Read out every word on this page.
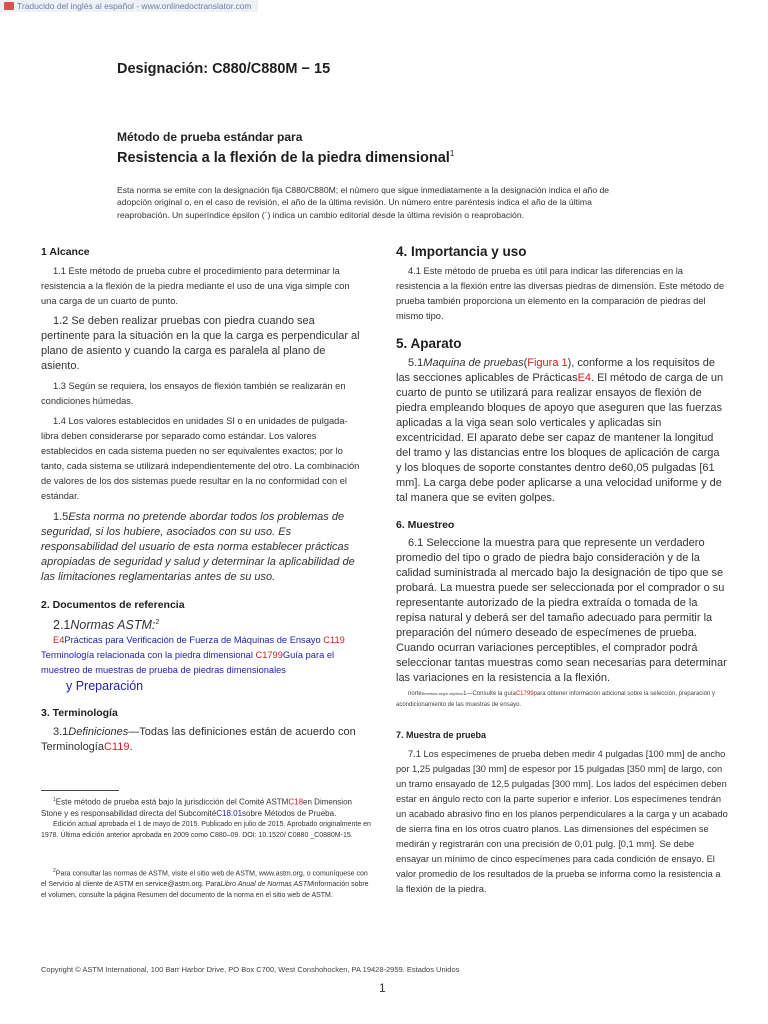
Traducido del inglés al español - www.onlinedoctranslator.com
Designación: C880/C880M − 15
Método de prueba estándar para
Resistencia a la flexión de la piedra dimensional$^1$
Esta norma se emite con la designación fija C880/C880M; el número que sigue inmediatamente a la designación indica el año de adopción original o, en el caso de revisión, el año de la última revisión. Un número entre paréntesis indica el año de la última reaprobación. Un superíndice épsilon (´) indica un cambio editorial desde la última revisión o reaprobación.
1 Alcance

1.1 Este método de prueba cubre el procedimiento para determinar la resistencia a la flexión de la piedra mediante el uso de una viga simple con una carga de un cuarto de punto.

1.2 Se deben realizar pruebas con piedra cuando sea pertinente para la situación en la que la carga es perpendicular al plano de asiento y cuando la carga es paralela al plano de asiento.

1.3 Según se requiera, los ensayos de flexión también se realizarán en condiciones húmedas.

1.4 Los valores establecidos en unidades SI o en unidades de pulgada-libra deben considerarse por separado como estándar. Los valores establecidos en cada sistema pueden no ser equivalentes exactos; por lo tanto, cada sistema se utilizará independientemente del otro. La combinación de valores de los dos sistemas puede resultar en la no conformidad con el estándar.

1.5Esta norma no pretende abordar todos los problemas de seguridad, si los hubiere, asociados con su uso. Es responsabilidad del usuario de esta norma establecer prácticas apropiadas de seguridad y salud y determinar la aplicabilidad de las limitaciones reglamentarias antes de su uso.

2. Documentos de referencia

2.1Normas ASTM:$^2$

E4Prácticas para Verificación de Fuerza de Máquinas de Ensayo C119 Terminología relacionada con la piedra dimensional C1799Guía para el muestreo de muestras de prueba de piedras dimensionales

y Preparación

3. Terminología

3.1Definiciones—Todas las definiciones están de acuerdo con TerminologíaC119.

$^1$Este método de prueba está bajo la jurisdicción del Comité ASTMC18en Dimension Stone y es responsabilidad directa del SubcomitéC18.01sobre Métodos de Prueba.

Edición actual aprobada el 1 de mayo de 2015. Publicado en julio de 2015. Aprobado originalmente en 1978. Última edición anterior aprobada en 2009 como C880–09. DOI: 10.1520/ C0880 _C0880M-15.

$^2$Para consultar las normas de ASTM, visite el sitio web de ASTM, www.astm.org, o comuníquese con el Servicio al cliente de ASTM en service@astm.org. ParaLibro Anual de Normas ASTMinformación sobre el volumen, consulte la página Resumen del documento de la norma en el sitio web de ASTM.

4. Importancia y uso

4.1 Este método de prueba es útil para indicar las diferencias en la resistencia a la flexión entre las diversas piedras de dimensión. Este método de prueba también proporciona un elemento en la comparación de piedras del mismo tipo.

5. Aparato

5.1Maquina de pruebas(Figura 1), conforme a los requisitos de las secciones aplicables de PrácticasE4. El método de carga de un cuarto de punto se utilizará para realizar ensayos de flexión de piedra empleando bloques de apoyo que aseguren que las fuerzas aplicadas a la viga sean solo verticales y aplicadas sin excentricidad. El aparato debe ser capaz de mantener la longitud del tramo y las distancias entre los bloques de aplicación de carga y los bloques de soporte constantes dentro de60,05 pulgadas [61 mm]. La carga debe poder aplicarse a una velocidad uniforme y de tal manera que se eviten golpes.

6. Muestreo

6.1 Seleccione la muestra para que represente un verdadero promedio del tipo o grado de piedra bajo consideración y de la calidad suministrada al mercado bajo la designación de tipo que se probará. La muestra puede ser seleccionada por el comprador o su representante autorizado de la piedra extraída o tomada de la repisa natural y deberá ser del tamaño adecuado para permitir la preparación del número deseado de especímenes de prueba. Cuando ocurran variaciones perceptibles, el comprador podrá seleccionar tantas muestras como sean necesarias para determinar las variaciones en la resistencia a la flexión.

norteBeneficios según objetivos1—Consulte la guíaC1799para obtener información adicional sobre la selección, preparación y acondicionamiento de las muestras de ensayo.

7. Muestra de prueba

7.1 Los especímenes de prueba deben medir 4 pulgadas [100 mm] de ancho por 1,25 pulgadas [30 mm] de espesor por 15 pulgadas [350 mm] de largo, con un tramo ensayado de 12,5 pulgadas [300 mm]. Los lados del espécimen deben estar en ángulo recto con la parte superior e inferior. Los especímenes tendrán un acabado abrasivo fino en los planos perpendiculares a la carga y un acabado de sierra fina en los otros cuatro planos. Las dimensiones del espécimen se medirán y registrarán con una precisión de 0,01 pulg. [0,1 mm]. Se debe ensayar un mínimo de cinco especímenes para cada condición de ensayo. El valor promedio de los resultados de la prueba se informa como la resistencia a la flexión de la piedra.

Copyright © ASTM International, 100 Barr Harbor Drive, PO Box C700, West Conshohocken, PA 19428-2959. Estados Unidos
1
